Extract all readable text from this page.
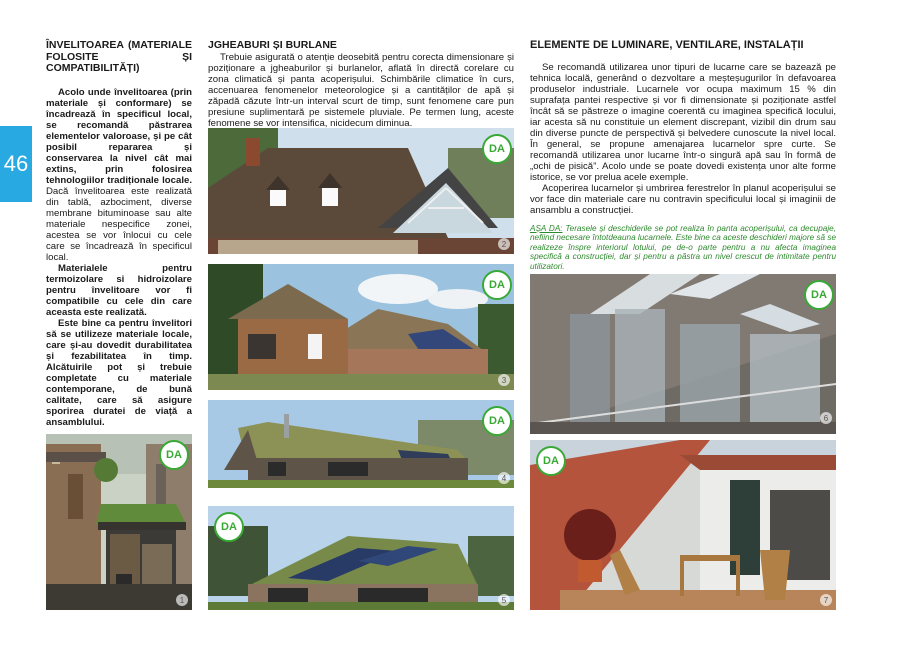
46

ÎNVELITOAREA (MATERIALE FOLOSITE ȘI COMPATIBILITĂȚI)

Acolo unde învelitoarea (prin materiale și conformare) se încadrează în specificul local, se recomandă păstrarea elementelor valoroase, și pe cât posibil repararea și conservarea la nivel cât mai extins, prin folosirea tehnologiilor tradiționale locale. Dacă învelitoarea este realizată din tablă, azbociment, diverse membrane bituminoase sau alte materiale nespecifice zonei, acestea se vor înlocui cu cele care se încadrează în specificul local.

Materialele pentru termoizolare si hidroizolare pentru învelitoare vor fi compatibile cu cele din care aceasta este realizată.

Este bine ca pentru învelitori să se utilizeze materiale locale, care și-au dovedit durabilitatea și fezabilitatea în timp. Alcătuirile pot și trebuie completate cu materiale contemporane, de bună calitate, care să asigure sporirea duratei de viață a ansamblului.

DA
1

JGHEABURI ȘI BURLANE

Trebuie asigurată o atenție deosebită pentru corecta dimensionare și poziționare a jgheaburilor și burlanelor, aflată în directă corelare cu zona climatică și panta acoperișului. Schimbările climatice în curs, accenuarea fenomenelor meteorologice și a cantităților de apă și zăpadă căzute într-un interval scurt de timp, sunt fenomene care pun presiune suplimentară pe sistemele pluviale. Pe termen lung, aceste fenomene se vor intensifica, nicidecum diminua.

DA
2
DA
3
DA
4
DA
5

ELEMENTE DE LUMINARE, VENTILARE, INSTALAȚII

Se recomandă utilizarea unor tipuri de lucarne care se bazează pe tehnica locală, generând o dezvoltare a meșteșugurilor în defavoarea produselor industriale. Lucarnele vor ocupa maximum 15 % din suprafața pantei respective și vor fi dimensionate și poziționate astfel încât să se păstreze o imagine coerentă cu imaginea specifică locului, iar acesta să nu constituie un element discrepant, vizibil din drum sau din diverse puncte de perspectivă și belvedere cunoscute la nivel local. În general, se propune amenajarea lucarnelor spre curte. Se recomandă utilizarea unor lucarne într-o singură apă sau în formă de „ochi de pisică”. Acolo unde se poate dovedi existența unor alte forme istorice, se vor prelua acele exemple.

Acoperirea lucarnelor și umbrirea ferestrelor în planul acoperișului se vor face din materiale care nu contravin specificului local și imaginii de ansamblu a construcției.

AȘA DA: Terasele și deschiderile se pot realiza în panta acoperișului, ca decupaje, nefiind necesare întotdeauna lucarnele. Este bine ca aceste deschideri majore să se realizeze înspre interiorul lotului, pe de-o parte pentru a nu afecta imaginea specifică a construcției, dar și pentru a păstra un nivel crescut de intimitate pentru utilizatori.

DA
6
DA
7
